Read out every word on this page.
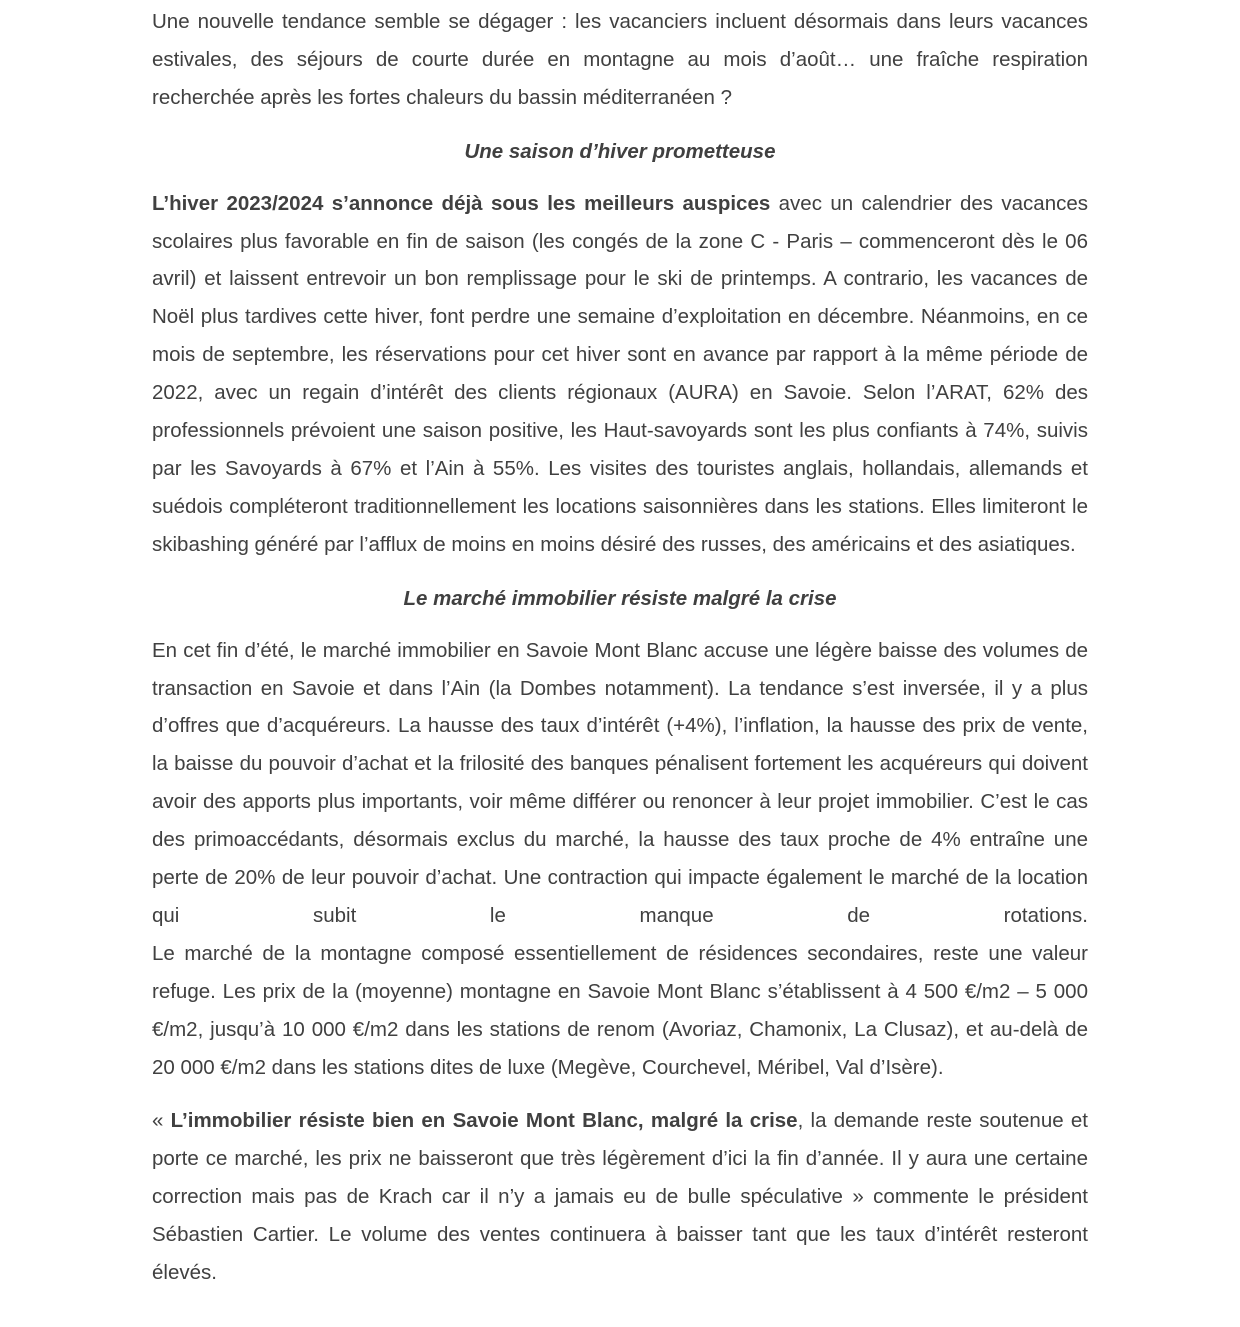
Une nouvelle tendance semble se dégager : les vacanciers incluent désormais dans leurs vacances estivales, des séjours de courte durée en montagne au mois d’août… une fraîche respiration recherchée après les fortes chaleurs du bassin méditerranéen ?

Une saison d’hiver prometteuse

L’hiver 2023/2024 s’annonce déjà sous les meilleurs auspices avec un calendrier des vacances scolaires plus favorable en fin de saison (les congés de la zone C - Paris – commenceront dès le 06 avril) et laissent entrevoir un bon remplissage pour le ski de printemps. A contrario, les vacances de Noël plus tardives cette hiver, font perdre une semaine d’exploitation en décembre. Néanmoins, en ce mois de septembre, les réservations pour cet hiver sont en avance par rapport à la même période de 2022, avec un regain d’intérêt des clients régionaux (AURA) en Savoie. Selon l’ARAT, 62% des professionnels prévoient une saison positive, les Haut-savoyards sont les plus confiants à 74%, suivis par les Savoyards à 67% et l’Ain à 55%. Les visites des touristes anglais, hollandais, allemands et suédois compléteront traditionnellement les locations saisonnières dans les stations. Elles limiteront le skibashing généré par l’afflux de moins en moins désiré des russes, des américains et des asiatiques.

Le marché immobilier résiste malgré la crise

En cet fin d’été, le marché immobilier en Savoie Mont Blanc accuse une légère baisse des volumes de transaction en Savoie et dans l’Ain (la Dombes notamment). La tendance s’est inversée, il y a plus d’offres que d’acquéreurs. La hausse des taux d’intérêt (+4%), l’inflation, la hausse des prix de vente, la baisse du pouvoir d’achat et la frilosité des banques pénalisent fortement les acquéreurs qui doivent avoir des apports plus importants, voir même différer ou renoncer à leur projet immobilier. C’est le cas des primoaccédants, désormais exclus du marché, la hausse des taux proche de 4% entraîne une perte de 20% de leur pouvoir d’achat. Une contraction qui impacte également le marché de la location qui subit le manque de rotations.
Le marché de la montagne composé essentiellement de résidences secondaires, reste une valeur refuge. Les prix de la (moyenne) montagne en Savoie Mont Blanc s’établissent à 4 500 €/m2 – 5 000 €/m2, jusqu’à 10 000 €/m2 dans les stations de renom (Avoriaz, Chamonix, La Clusaz), et au-delà de 20 000 €/m2 dans les stations dites de luxe (Megève, Courchevel, Méribel, Val d’Isère).

« L’immobilier résiste bien en Savoie Mont Blanc, malgré la crise, la demande reste soutenue et porte ce marché, les prix ne baisseront que très légèrement d’ici la fin d’année. Il y aura une certaine correction mais pas de Krach car il n’y a jamais eu de bulle spéculative » commente le président Sébastien Cartier. Le volume des ventes continuera à baisser tant que les taux d’intérêt resteront élevés.
